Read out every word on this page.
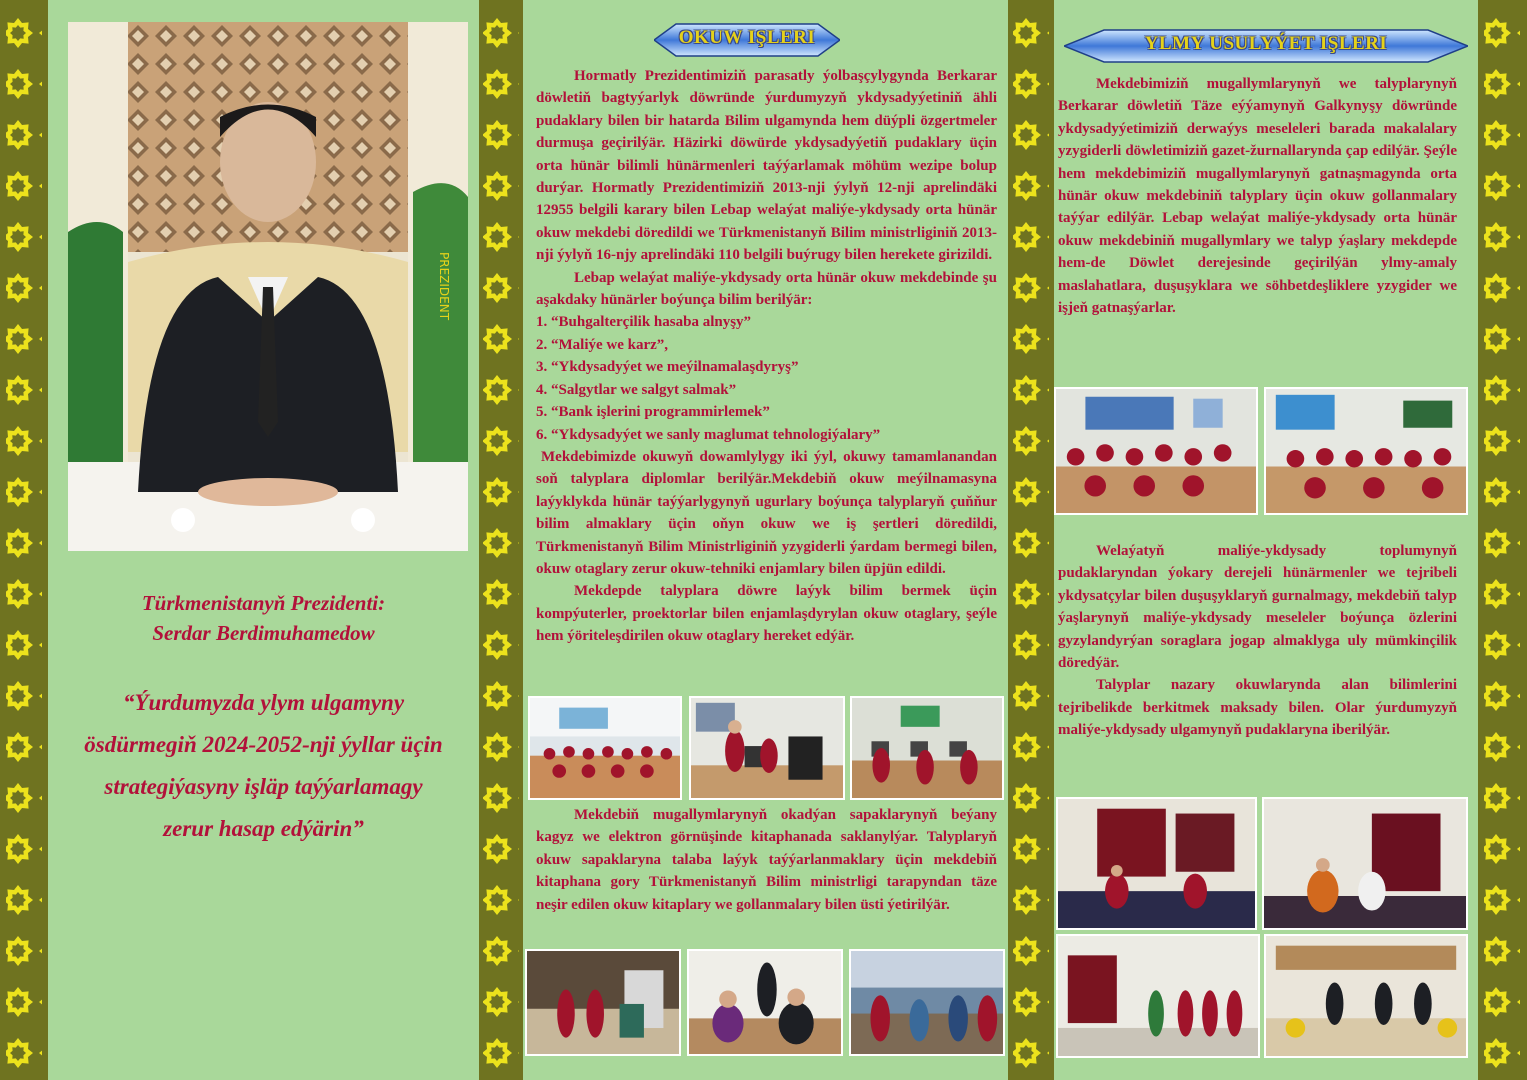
PREZIDENT
Türkmenistanyň Prezidenti:
Serdar Berdimuhamedow
“Ýurdumyzda ylym ulgamyny
ösdürmegiň 2024-2052-nji ýyllar üçin
strategiýasyny işläp taýýarlamagy
zerur hasap edýärin”
OKUW IŞLERI

Hormatly Prezidentimiziň parasatly ýolbaşçylygynda Berkarar döwletiň bagtyýarlyk döwründe ýurdumyzyň ykdysadyýetiniň ähli pudaklary bilen bir hatarda Bilim ulgamynda hem düýpli özgertmeler durmuşa geçirilýär. Häzirki döwürde ykdysadyýetiň pudaklary üçin orta hünär bilimli hünärmenleri taýýarlamak möhüm wezipe bolup durýar. Hormatly Prezidentimiziň 2013-nji ýylyň 12-nji aprelindäki 12955 belgili karary bilen Lebap welaýat maliýe-ykdysady orta hünär okuw mekdebi döredildi we Türkmenistanyň Bilim ministrliginiň 2013-nji ýylyň 16-njy aprelindäki 110 belgili buýrugy bilen herekete girizildi.

Lebap welaýat maliýe-ykdysady orta hünär okuw mekdebinde şu aşakdaky hünärler boýunça bilim berilýär:

1. “Buhgalterçilik hasaba alnyşy”

2. “Maliýe we karz”,

3. “Ykdysadyýet we meýilnamalaşdyryş”

4. “Salgytlar we salgyt salmak”

5. “Bank işlerini programmirlemek”

6. “Ykdysadyýet we sanly maglumat tehnologiýalary”

Mekdebimizde okuwyň dowamlylygy iki ýyl, okuwy tamamlanandan soň talyplara diplomlar berilýär.Mekdebiň okuw meýilnamasyna laýyklykda hünär taýýarlygynyň ugurlary boýunça talyplaryň çuňňur bilim almaklary üçin oňyn okuw we iş şertleri döredildi, Türkmenistanyň Bilim Ministrliginiň yzygiderli ýardam bermegi bilen, okuw otaglary zerur okuw-tehniki enjamlary bilen üpjün edildi.

Mekdepde talyplara döwre laýyk bilim bermek üçin kompýuterler, proektorlar bilen enjamlaşdyrylan okuw otaglary, şeýle hem ýöriteleşdirilen okuw otaglary hereket edýär.

Mekdebiň mugallymlarynyň okadýan sapaklarynyň beýany kagyz we elektron görnüşinde kitaphanada saklanylýar. Talyplaryň okuw sapaklaryna talaba laýyk taýýarlanmaklary üçin mekdebiň kitaphana gory Türkmenistanyň Bilim ministrligi tarapyndan täze neşir edilen okuw kitaplary we gollanmalary bilen üsti ýetirilýär.

YLMY USULYÝET IŞLERI

Mekdebimiziň mugallymlarynyň we talyplarynyň Berkarar döwletiň Täze eýýamynyň Galkynyşy döwründe ykdysadyýetimiziň derwaýys meseleleri barada makalalary yzygiderli döwletimiziň gazet-žurnallarynda çap edilýär. Şeýle hem mekdebimiziň mugallymlarynyň gatnaşmagynda orta hünär okuw mekdebiniň talyplary üçin okuw gollanmalary taýýar edilýär. Lebap welaýat maliýe-ykdysady orta hünär okuw mekdebiniň mugallymlary we talyp ýaşlary mekdepde hem-de Döwlet derejesinde geçirilýän ylmy-amaly maslahatlara, duşuşyklara we söhbetdeşliklere yzygider we işjeň gatnaşýarlar.

Welaýatyň maliýe-ykdysady toplumynyň pudaklaryndan ýokary derejeli hünärmenler we tejribeli ykdysatçylar bilen duşuşyklaryň gurnalmagy, mekdebiň talyp ýaşlarynyň maliýe-ykdysady meseleler boýunça özlerini gyzylandyrýan soraglara jogap almaklyga uly mümkinçilik döredýär.

Talyplar nazary okuwlarynda alan bilimlerini tejribelikde berkitmek maksady bilen. Olar ýurdumyzyň maliýe-ykdysady ulgamynyň pudaklaryna iberilýär.
